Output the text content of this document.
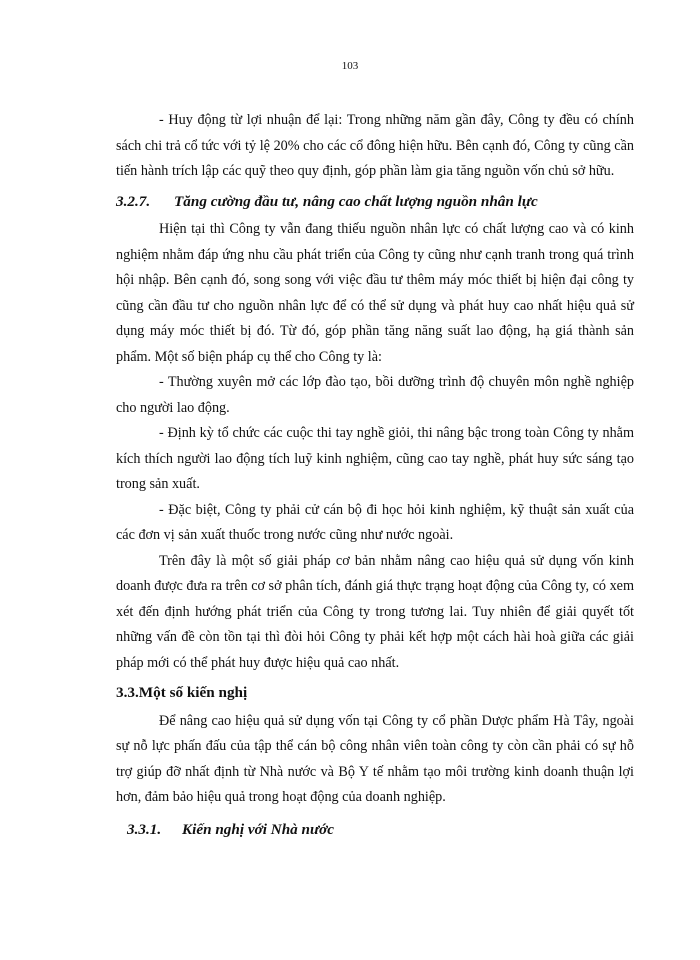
103

- Huy động từ lợi nhuận để lại: Trong những năm gần đây, Công ty đều có chính sách chi trả cổ tức với tỷ lệ 20% cho các cổ đông hiện hữu. Bên cạnh đó, Công ty cũng cần tiến hành trích lập các quỹ theo quy định, góp phần làm gia tăng nguồn vốn chủ sở hữu.

3.2.7. Tăng cường đầu tư, nâng cao chất lượng nguồn nhân lực

Hiện tại thì Công ty vẫn đang thiếu nguồn nhân lực có chất lượng cao và có kinh nghiệm nhằm đáp ứng nhu cầu phát triển của Công ty cũng như cạnh tranh trong quá trình hội nhập. Bên cạnh đó, song song với việc đầu tư thêm máy móc thiết bị hiện đại công ty cũng cần đầu tư cho nguồn nhân lực để có thể sử dụng và phát huy cao nhất hiệu quả sử dụng máy móc thiết bị đó. Từ đó, góp phần tăng năng suất lao động, hạ giá thành sản phẩm. Một số biện pháp cụ thể cho Công ty là:

- Thường xuyên mở các lớp đào tạo, bồi dưỡng trình độ chuyên môn nghề nghiệp cho người lao động.

- Định kỳ tổ chức các cuộc thi tay nghề giỏi, thi nâng bậc trong toàn Công ty nhằm kích thích người lao động tích luỹ kinh nghiệm, cũng cao tay nghề, phát huy sức sáng tạo trong sản xuất.

- Đặc biệt, Công ty phải cử cán bộ đi học hỏi kinh nghiệm, kỹ thuật sản xuất của các đơn vị sản xuất thuốc trong nước cũng như nước ngoài.

Trên đây là một số giải pháp cơ bản nhằm nâng cao hiệu quả sử dụng vốn kinh doanh được đưa ra trên cơ sở phân tích, đánh giá thực trạng hoạt động của Công ty, có xem xét đến định hướng phát triển của Công ty trong tương lai. Tuy nhiên để giải quyết tốt những vấn đề còn tồn tại thì đòi hỏi Công ty phải kết hợp một cách hài hoà giữa các giải pháp mới có thể phát huy được hiệu quả cao nhất.

3.3.Một số kiến nghị

Để nâng cao hiệu quả sử dụng vốn tại Công ty cổ phần Dược phẩm Hà Tây, ngoài sự nỗ lực phấn đấu của tập thể cán bộ công nhân viên toàn công ty còn cần phải có sự hỗ trợ giúp đỡ nhất định từ Nhà nước và Bộ Y tế nhằm tạo môi trường kinh doanh thuận lợi hơn, đảm bảo hiệu quả trong hoạt động của doanh nghiệp.

3.3.1. Kiến nghị với Nhà nước
